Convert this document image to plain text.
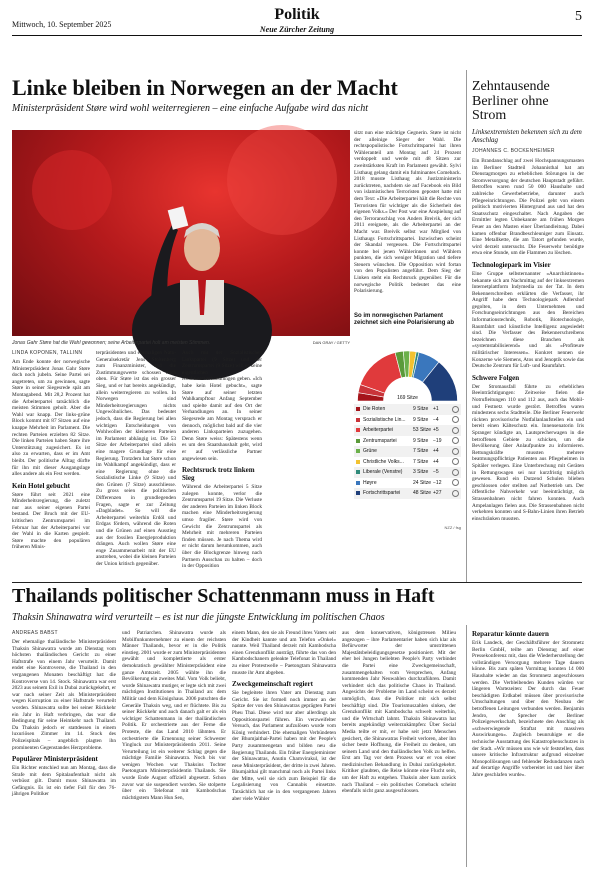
Mittwoch, 10. September 2025
Politik
Neue Zürcher Zeitung
5
Linke bleiben in Norwegen an der Macht
Ministerpräsident Støre wird wohl weiterregieren – eine einfache Aufgabe wird das nicht
Jonas Gahr Støre hat die Wahl gewonnen; seine Arbeiterpartei holt am meisten Stimmen.	DAN GRAY / GETTY
LINDA KOPONEN, TALLINN

Am Ende konnte der norwegische Ministerpräsident Jonas Gahr Støre doch noch jubeln. Seine Partei sei angetreten, um zu gewinnen, sagte Støre in seiner Siegesrede spät am Montagabend. Mit 28,2 Prozent hat die Arbeiterpartei tatsächlich die meisten Stimmen geholt. Aber die Wahl war knapp. Der links-grüne Block kommt mit 87 Sitzen auf eine knappe Mehrheit im Parlament. Die rechten Parteien erzielten 82 Sitze. Die linken Parteien haben Støre ihre Unterstützung zugesichert. Es ist also zu erwarten, dass er im Amt bleibt. Der politische Alltag dürfte für ihn mit dieser Ausgangslage alles andere als ein Fest werden.

Kein Hotel gebucht

Støre führt seit 2021 eine Minderheitsregierung, die zuletzt nur aus seiner eigenen Partei bestand. Der Bruch mit der EU-kritischen Zentrumspartei im Februar hat der Arbeiterpartei vor der Wahl in die Karten gespielt. Støre machte den populären früheren Minis-

terpräsidenten und ehemaligen Nato-Generalsekretär Jens Stoltenberg zum Finanzminister, und die Zustimmungswerte schossen nach oben. Für Støre ist das ein grosser Sieg, und er hat bereits angekündigt, allein weiterregieren zu wollen. In Norwegen sind Minderheitsregierungen nichts Ungewöhnliches. Das bedeutet jedoch, dass die Regierung bei allen wichtigen Entscheidungen von Wohlwollen der kleineren Parteien im Parlament abhängig ist. Die 53 Sitze der Arbeiterpartei sind allein eine magere Grundlage für eine Regierung. Trotzdem hat Støre schon im Wahlkampf angekündigt, dass er eine Regierung ohne die Sozialistische Linke (9 Sitze) und den Grünen (7 Sitze) ausschliesse. Zu gross seien die politischen Differenzen in grundlegenden Fragen, sagte er zur Zeitung «Dagbladet». So will die Arbeiterpartei weiterhin Erdöl und Erdgas fördern, während die Roten und die Grünen auf einen Ausstieg aus der fossilen Energieproduktion drängen. Auch wollen Støre eine enge Zusammenarbeit mit der EU anstreben, wobei die kleinen Parteien der Union kritisch gegenüber.

Auch mit der Sozialistischen Linkspartei (9 Sitze) und der Zentrumspartei (9 Sitze) will er keine eigentlichen Koalitionsverhandlungen geben. «Ich habe kein Hotel gebucht», sagte Støre auf seiner letzten Wahlkampftour Anfang September und spielte damit auf den Ort der Verhandlungen an. In seiner Siegesrede am Montag versprach er dennoch, möglichst bald auf die vier anderen Linksparteien zuzugehen. Denn Støre weiss: Spätestens wenn es um den Staatshaushalt geht, wird er auf verlässliche Partner angewiesen sein.

Rechtsruck trotz linkem Sieg

Während die Arbeiterpartei 5 Sitze zulegen konnte, verlor die Zentrumspartei 19 Sitze. Die Verluste der anderen Parteien im linken Block machen eine Minderheitsregierung umso fragiler. Støre wird von Gewicht die Zentrumspartei als Mehrheit mit mehreren Parteien finden müssen. Je nach Thema wird er nicht darum herumkommen, auch über die Blockgrenze hinweg nach Partnern Ausschau zu halten – doch in der Opposition

sitzt nun eine mächtige Gegnerin. Støre ist nicht der alleinige Sieger der Wahl. Die rechtspopulistische Fortschrittspartei hat ihren Wähleranteil am Montag auf 24 Prozent verdoppelt und werde mit 48 Sitzen zur zweitstärksten Kraft im Parlament gewählt. Sylvi Listhaug gelang damit ein fulminantes Comeback. 2018 musste Listhaug als Justizministerin zurücktreten, nachdem sie auf Facebook ein Bild von islamistischen Terroristen gepostet hatte mit dem Text: «Die Arbeiterpartei hält die Rechte von Terroristen für wichtiger als die Sicherheit des eigenen Volks.» Der Post war eine Anspielung auf den Terroranschlag von Anders Breivik, der sich 2011 ereignete, als die Arbeiterpartei an der Macht war. Breivik selbst war Mitglied von Listhaugs Fortschrittspartei. Inzwischen scheint der Skandal vergessen. Die Fortschrittspartei konnte bei jenen Wählerinnen und Wählern punkten, die sich weniger Migration und tiefere Steuern wünschen. Die Opposition wird fortan von den Populisten angeführt. Dem Sieg der Linken steht ein Rechtsruck gegenüber. Für die norwegische Politik bedeutet das eine Polarisierung.

So im norwegischen Parlament zeichnet sich eine Polarisierung ab
169 Sitze
Die Roten	9 Sitze +1
Sozialistische Lin... 9 Sitze −4
Arbeiterpartei	53 Sitze +5
Zentrumspartei	9 Sitze −19
Grüne	7 Sitze +4
Christliche Volks... 7 Sitze +4
Liberale (Venstre) 3 Sitze −5
Høyre	24 Sitze −12
Fortschrittspartei	48 Sitze +27
NZZ / fsg
Zehntausende Berliner ohne Strom
Linksextremisten bekennen sich zu dem Anschlag
JOHANNES C. BOCKENHEIMER

Ein Brandanschlag auf zwei Hochspannungsmasten im Berliner Stadtteil Johannisthal hat am Dienstagmorgen zu erheblichen Störungen in der Stromversorgung der deutschen Hauptstadt geführt. Betroffen waren rund 50 000 Haushalte und zahlreiche Gewerbebetriebe, darunter auch Pflegeeinrichtungen. Die Polizei geht von einem politisch motivierten Hintergrund aus und hat den Staatsschutz eingeschaltet. Nach Angaben der Ermittler legten Unbekannte am frühen Morgen Feuer an den Masten einer Überlandleitung. Dabei kamen offenbar Brandbeschleuniger zum Einsatz. Eine Metallkette, die am Tatort gefunden wurde, wird derzeit untersucht. Die Feuerwehr benötigte etwa eine Stunde, um die Flammen zu löschen.

Technologiepark im Visier

Eine Gruppe selbsternannter «Anarchistinnen» bekannte sich am Nachmittag auf der linksextremen Internetplattform Indymedia zu der Tat. In dem Bekennerschreiben erklärten die Verfasser, ihr Angriff habe dem Technologiepark Adlershof gegolten, in dem Unternehmen und Forschungseinrichtungen aus den Bereichen Informationstechnik, Robotik, Biotechnologie, Raumfahrt und künstliche Intelligenz angesiedelt sind. Die Verfasser des Bekennerschreibens bezeichnen diese Branchen als «systemstabilisierend» und als «Profiteure militärischer Interessen». Konkret nennen sie Konzerne wie Siemens, Atos und Jenoptik sowie das Deutsche Zentrum für Luft- und Raumfahrt.

Schwere Folgen

Der Stromausfall führte zu erheblichen Beeinträchtigungen: Zeitweise fielen die Notrufleitungen 110 und 112 aus, auch das Mobil- und Festnetz wurde gestört. Betroffen waren mindestens sechs Stadtteile. Die Berliner Feuerwehr rückten provisorische Notfallanlaufstellen ein und bereit einen Kälteschutz ein. Innensenatorin Iris Spranger kündigte an, Lautsprecherwagen in die betroffenen Gebiete zu schicken, um die Bevölkerung über Anlaufpunkte zu informieren. Rettungskräfte mussten mehrere beatmungspflichtige Patienten aus Pflegeheimen in Spitäler verlegen. Eine Unterbrechung mit Geräten in Rettungswagen sei nur kurzfristig möglich gewesen. Rund ein Dutzend Schulen blieben geschlossen oder stellten auf Notbetrieb um. Der öffentliche Nahverkehr war beeinträchtigt, da Strassenbahnen nicht fahren konnten. Auch Ampelanlagen fielen aus. Die Strassenbahnen nicht verkehren konnten und S-Bahn-Linien ihren Betrieb einschränken mussten.

Thailands politischer Schattenmann muss in Haft
Thaksin Shinawatra wird verurteilt – es ist nur die jüngste Entwicklung im politischen Chaos
ANDREAS BABST

Der ehemalige thailändische Ministerpräsident Thaksin Shinawatra wurde am Dienstag vom höchsten thailändischen Gericht zu einer Haftstrafe von einem Jahr verurteilt. Damit endet eine Kontroverse, die Thailand in den vergangenen Monaten beschäftigt hat: die Kontroverse von 14. Stock. Shinawatra war erst 2023 aus seinem Exil in Dubai zurückgekehrt, er war nach seiner Zeit als Ministerpräsident wegen Korruption zu einer Haftstrafe verurteilt worden. Shinawatra sollte bei seiner Rückkehr ein Jahr in Haft verbringen, das war die Bedingung für seine Heimkehr nach Thailand. Da Thaksin jedoch er stattdessen in einem luxuriösen Zimmer im 14. Stock des Polizeispitals – angeblich plagten ihn prominenten Gegenstandes Herzprobleme.

Populärer Ministerpräsident

Ein Richter entschied nun am Montag, dass die Strafe mit dem Spitalaufenthalt nicht als verbüsst gilt. Damit muss Shinawatra im Gefängnis. Es ist ein tiefer Fall für den 76-jährigen Politiker

und Patriarchen. Shinawatra wurde als Mobilfunkunternehmer zu einem der reichsten Männer Thailands, bevor er in die Politik einstieg. 2001 wurde er zum Ministerpräsidenten gewählt und komplettierte als erster demokratisch gewählter Ministerpräsident eine ganze Amtszeit. 2005 wählte ihn die Bevölkerung ein zweites Mal. Vom Volk beliebt, wurde Shinawatra mutiger, er legte sich mit zwei mächtigen Institutionen in Thailand an: dem Militär und dem Königshaus. 2006 putschten die Generäle Thaksin weg, und er flüchtete. Bis zu seiner Rückkehr und auch danach galt er als ein wichtiger Schattenmann in der thailändischen Politik. Er orchestrierte aus der Ferne die Proteste, die das Land 2010 lähmten. Er orchestrierte die Ernennung seiner Schwester Yingluck zur Ministerpräsidentin 2011. Seine Verurteilung ist ein weiterer Schlag gegen die mächtige Familie Shinawatra. Noch bis vor wenigen Wochen war Thaksins Tochter Paetongtarn Ministerpräsidentin Thailands. Sie wurde Ende August offiziell abgesetzt. Schon zuvor war sie suspendiert worden. Sie stolperte über ein Telefonat mit Kambodschas mächtigstem Mann Hun Sen,

einem Mann, den sie als Freund ihres Vaters seit der Kindheit kannte und am Telefon «Onkel» nannte. Weil Thailand derzeit mit Kambodscha einen Grenzkonflikt austrägt, führte das von den Kambodschanern geleakte Telefonat in Thailand zu einer Protestwelle – Paetongtarn Shinawatra musste ihr Amt abgeben.

Zweckgemeinschaft regiert

Sie begleitete ihren Vater am Dienstag zum Gericht. Sie ist formell noch immer an der Spitze der von den Shinawatras geprägten Partei Pheu Thai. Diese wird nur aber allerdings als Oppositionspartei führen. Ein verzweifelter Versuch, das Parlament aufzulösen wurde vom König verhindert. Die ehemaligen Verbündeten der Bhumjaithai-Partei haben mit der People's Party zusammengetan und bilden neu die Regierung Thailands. Ein früher Energieminister der Shinawatras, Anutin Charnvirakul, ist der neue Ministerpräsident, der dritte in zwei Jahren. Bhumjaithai gilt manchmal noch als Partei links der Mitte, weil sie sich zum Beispiel für die Legalisierung von Cannabis einsetzte. Tatsächlich hat sie in den vergangenen Jahren aber viele Wähler

aus dem konservativen, königstreuen Milieu angezogen – ihre Parlamentarier haben sich klar als Befürworter der umstrittenen Majestätsbeleidigungsgesetze positioniert. Mit der eher bei Jungen beliebten People's Party verbindet die Partei eine Zweckgemeinschaft, zusammengehalten vom Versprechen, Anfang kommenden Jahr Neuwahlen durchzuführen. Damit verhindert sich das politische Chaos in Thailand. Angesichts der Probleme im Land scheint es derzeit unmöglich, dass die Politiker mit sich selbst beschäftigt sind. Die Tourismuszahlen sinken, der Grenzkonflikt mit Kambodscha schwelt weiterhin, und die Wirtschaft lahmt. Thaksin Shinawatra hat bereits angekündigt weiterzukämpfen: Über Social Media teilte er mit, er habe seit jetzt Menschen gesichert, die Shinawatras Freiheit verloren, aber ihn sicher beste Hoffnung, die Freiheit zu denken, um seinem Land und den thailändischen Volk zu helfen. Erst am Tag vor dem Prozess war er von einer medizinischen Behandlung in Dubai zurückgekehrt. Kritiker glaubten, die Reise könnte eine Flucht sein, um der Haft zu entgehen. Thaksin aber kam zurück nach Thailand – ein politisches Comeback scheint ebenfalls nicht ganz ausgeschlossen.

Reparatur könnte dauern

Erik Landeck, der Geschäftsführer der Stromnetz Berlin GmbH, teilte am Dienstag auf einer Pressekonferenz mit, dass die Wiederherstellung der vollständigen Versorgung mehrere Tage dauern könne. Bis zum späten Vormittag konnten 14 000 Haushalte wieder an das Stromnetz angeschlossen werden. Die Verbleibenden Kunden würden vor längeren Wartezeiten: Der durch das Feuer beschädigten Erdkabel müssen über provisorische Umschaltungen und über den Neubau der betroffenen Leitungen verbunden werden. Benjamin Jendro, der Sprecher der Berliner Polizeigewerkschaft, bezeichnete den Anschlag als «schwerwiegende Straftat mit massiven Auswirkungen». Zugleich beunruhigte er die technische Ausstattung des Katastrophenschutzes in der Stadt. «Wir müssen uns wie wir feststellen, dass unsere kritische Infrastruktur aufgrund einzelner Monopollösungen und fehlender Redundanzen nach auf derartige Angriffe vorbereitet ist und hier über Jahre geschlafen wurde».
